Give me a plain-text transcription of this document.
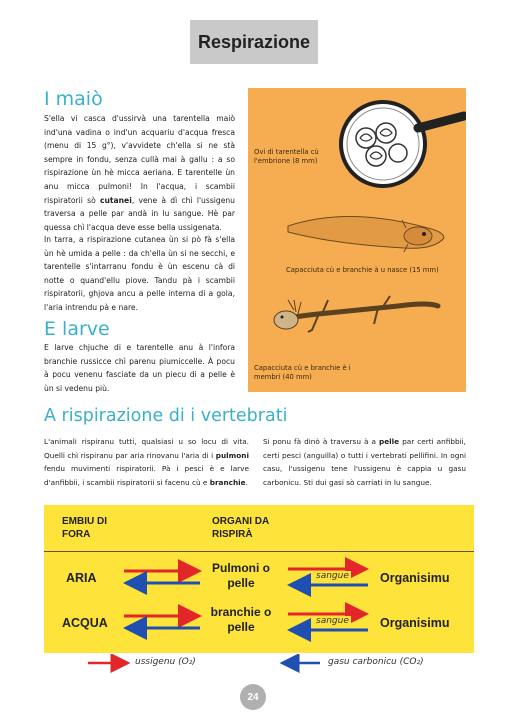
Respirazione
I maiò
S'ella vi casca d'ussirvà una tarentella maiò ind'una vadina o ind'un acquariu d'acqua fresca (menu di 15 g°), v'avvidete ch'ella si ne stà sempre in fondu, senza cullà mai à gallu : a so rispirazione ùn hè micca aeriana. E tarentelle ùn anu micca pulmoni! In l'acqua, i scambii rispiratorii sò cutanei, vene à dì chì l'ussigenu traversa a pelle par andà in lu sangue. Hè par quessa chì l'acqua deve esse bella ussigenata.
In tarra, a rispirazione cutanea ùn si pò fà s'ella ùn hè umida a pelle : da ch'ella ùn si ne secchi, e tarentelle s'intarranu fondu è ùn escenu cà di notte o quand'ellu piove. Tandu pà i scambii rispiratorii, ghjova ancu a pelle interna di a gola, l'aria intrendu pà e nare.
E larve
E larve chjuche di e tarentelle anu à l'infora branchie russicce chì parenu piumiccelle. À pocu à pocu venenu fasciate da un piecu di a pelle è ùn si vedenu più.
Ovi di tarentella cù l'embrione (8 mm)
Capacciuta cù e branchie à u nasce (15 mm)
Capacciuta cù e branchie è i membri (40 mm)
A rispirazione di i vertebrati
L'animali rispiranu tutti, qualsiasi u so locu di vita. Quelli chì rispiranu par aria rinovanu l'aria di i pulmoni fendu muvimenti rispiratorii. Pà i pesci è e larve d'anfibbii, i scambii rispiratorii si facenu cù e branchie.
Si ponu fà dinò à traversu à a pelle par certi anfibbii, certi pesci (anguilla) o tutti i vertebrati pellifini. In ogni casu, l'ussigenu tene l'ussigenu è cappia u gasu carbonicu. Sti dui gasi sò carriati in lu sangue.
EMBIU DI FORA
ORGANI DA RISPIRÀ
ARIA
Pulmoni o pelle	Organisimu
ACQUA
branchie o pelle	Organisimu
sangue
sangue
ussigenu (O₂)	gasu carbonicu (CO₂)
24
